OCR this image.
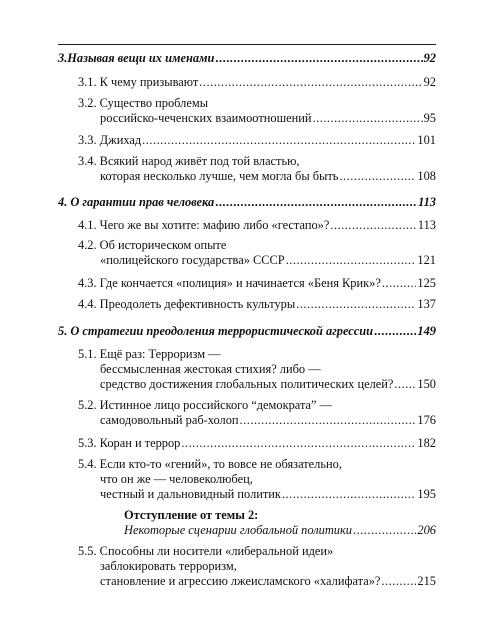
3.Называя вещи их именами .....	92
3.1. К чему призывают .....	92
3.2. Существо проблемы
российско-чеченских взаимоотношений .....	95
3.3. Джихад .....	101
3.4. Всякий народ живёт под той властью,
которая несколько лучше, чем могла бы быть .....	108
4. О гарантии прав человека .....	113
4.1. Чего же вы хотите: мафию либо «гестапо»? .....	113
4.2. Об историческом опыте
«полицейского государства» СССР .....	121
4.3. Где кончается «полиция» и начинается «Беня Крик»? .....	125
4.4. Преодолеть дефективность культуры .....	137
5. О стратегии преодоления террористической агрессии .....	149
5.1. Ещё раз: Терроризм —
бессмысленная жестокая стихия? либо —
средство достижения глобальных политических целей? ..... 150
5.2. Истинное лицо российского “демократа” —
самодовольный раб-холоп .....	176
5.3. Коран и террор .....	182
5.4. Если кто-то «гений», то вовсе не обязательно,
что он же — человеколюбец,
честный и дальновидный политик .....	195
Отступление от темы 2:
Некоторые сценарии глобальной политики .....	206
5.5. Способны ли носители «либеральной идеи»
заблокировать терроризм,
становление и агрессию лжеисламского «халифата»? .....	215
